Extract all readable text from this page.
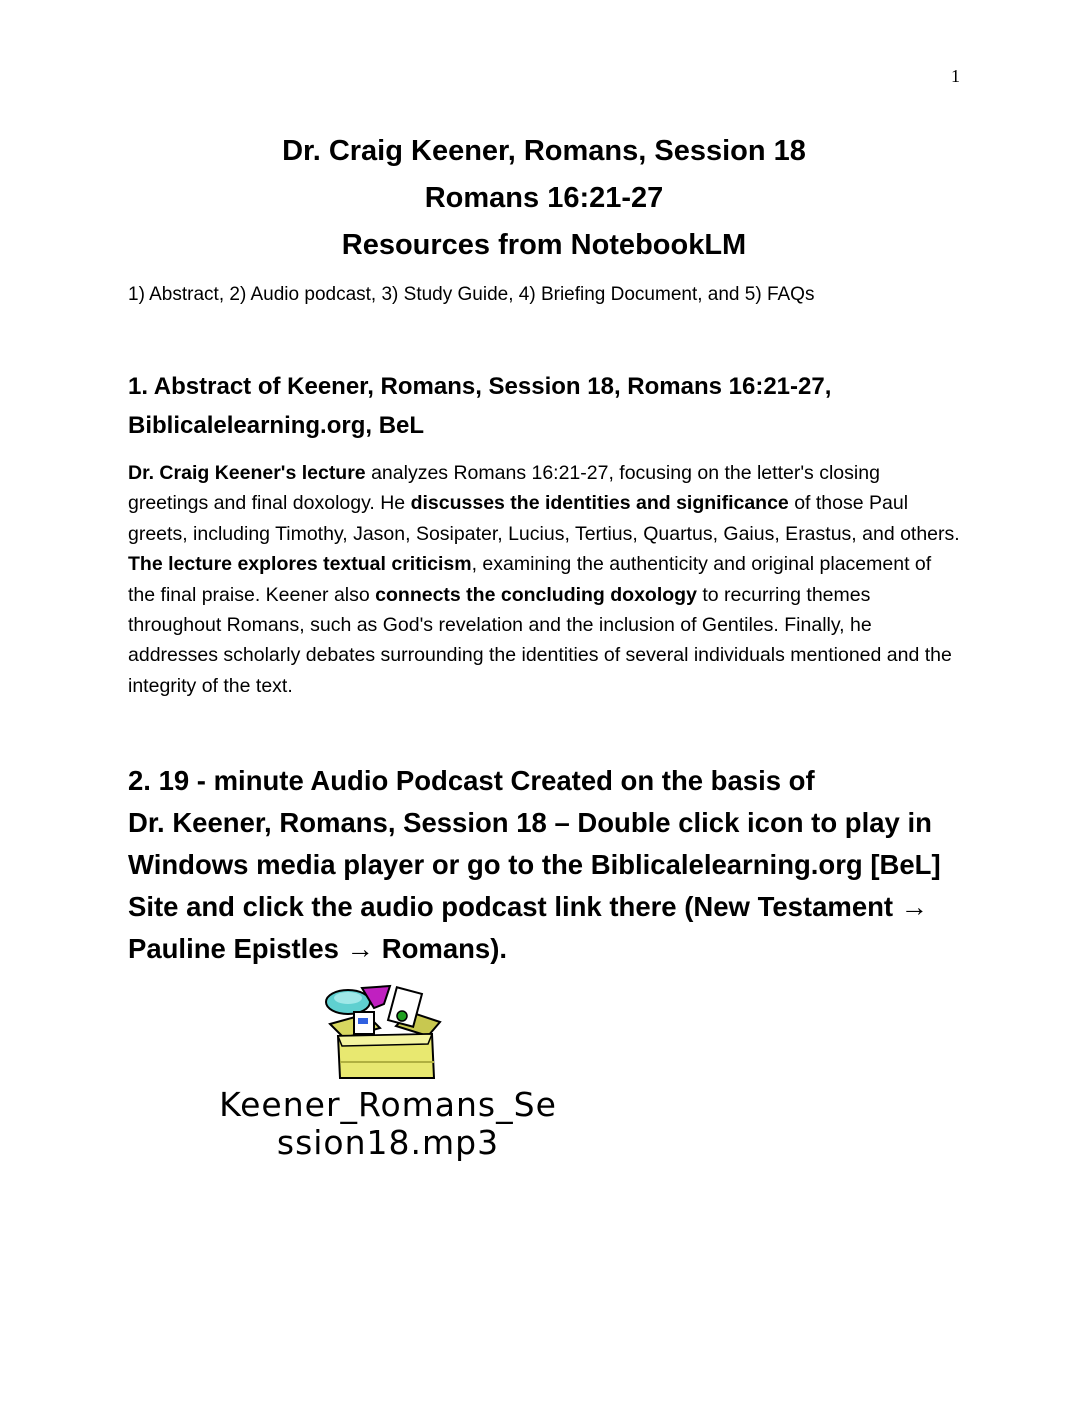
1
Dr. Craig Keener, Romans, Session 18
Romans 16:21-27
Resources from NotebookLM
1) Abstract, 2) Audio podcast, 3) Study Guide, 4) Briefing Document, and 5) FAQs
1. Abstract of Keener, Romans, Session 18, Romans 16:21-27,
Biblicalelearning.org, BeL
Dr. Craig Keener's lecture analyzes Romans 16:21-27, focusing on the letter's closing greetings and final doxology. He discusses the identities and significance of those Paul greets, including Timothy, Jason, Sosipater, Lucius, Tertius, Quartus, Gaius, Erastus, and others. The lecture explores textual criticism, examining the authenticity and original placement of the final praise. Keener also connects the concluding doxology to recurring themes throughout Romans, such as God's revelation and the inclusion of Gentiles. Finally, he addresses scholarly debates surrounding the identities of several individuals mentioned and the integrity of the text.
2. 19 - minute Audio Podcast Created on the basis of
Dr. Keener, Romans, Session 18 – Double click icon to play in Windows media player or go to the Biblicalelearning.org [BeL] Site and click the audio podcast link there (New Testament → Pauline Epistles → Romans).
Keener_Romans_Se
ssion18.mp3
